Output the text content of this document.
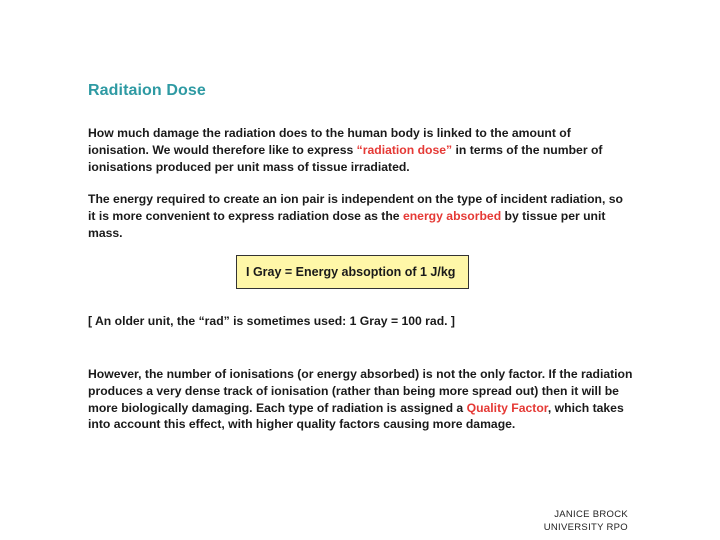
Raditaion Dose
How much damage the radiation does to the human body is linked to the amount of ionisation. We would therefore like to express “radiation dose” in terms of the number of ionisations produced per unit mass of tissue irradiated.
The energy required to create an ion pair is independent on the type of incident radiation, so it is more convenient to express radiation dose as the energy absorbed by tissue per unit mass.
I Gray = Energy absoption of 1 J/kg
[ An older unit, the “rad” is sometimes used: 1 Gray = 100 rad. ]
However, the number of ionisations (or energy absorbed) is not the only factor. If the radiation produces a very dense track of ionisation (rather than being more spread out) then it will be more biologically damaging. Each type of radiation is assigned a Quality Factor, which takes into account this effect, with higher quality factors causing more damage.
JANICE BROCK
UNIVERSITY RPO
